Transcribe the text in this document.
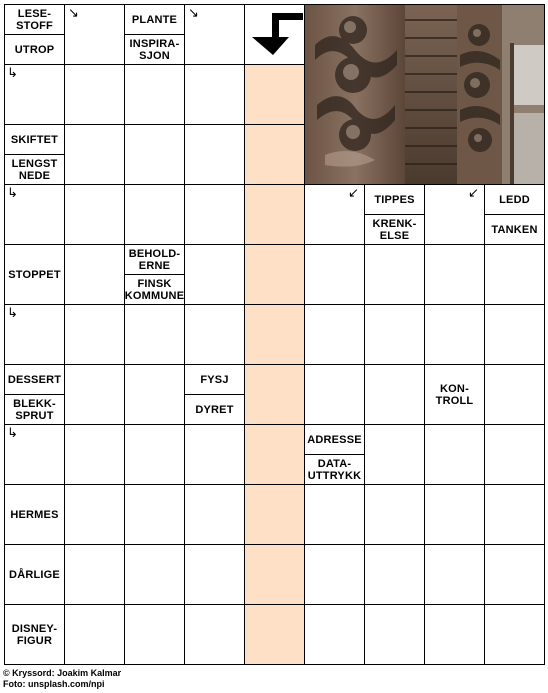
LESE-
STOFF
UTROP
PLANTE
INSPIRA-
SJON
SKIFTET
LENGST
NEDE
TIPPES
KRENK-
ELSE
LEDD
TANKEN
STOPPET
BEHOLD-
ERNE
FINSK
KOMMUNE
DESSERT
BLEKK-
SPRUT
FYSJ
DYRET
KON-
TROLL
ADRESSE
DATA-
UTTRYKK
HERMES
DÅRLIGE
DISNEY-
FIGUR
↘	↘
↳
↳	↙	↙
↳
↳
© Kryssord: Joakim Kalmar
Foto: unsplash.com/npi
